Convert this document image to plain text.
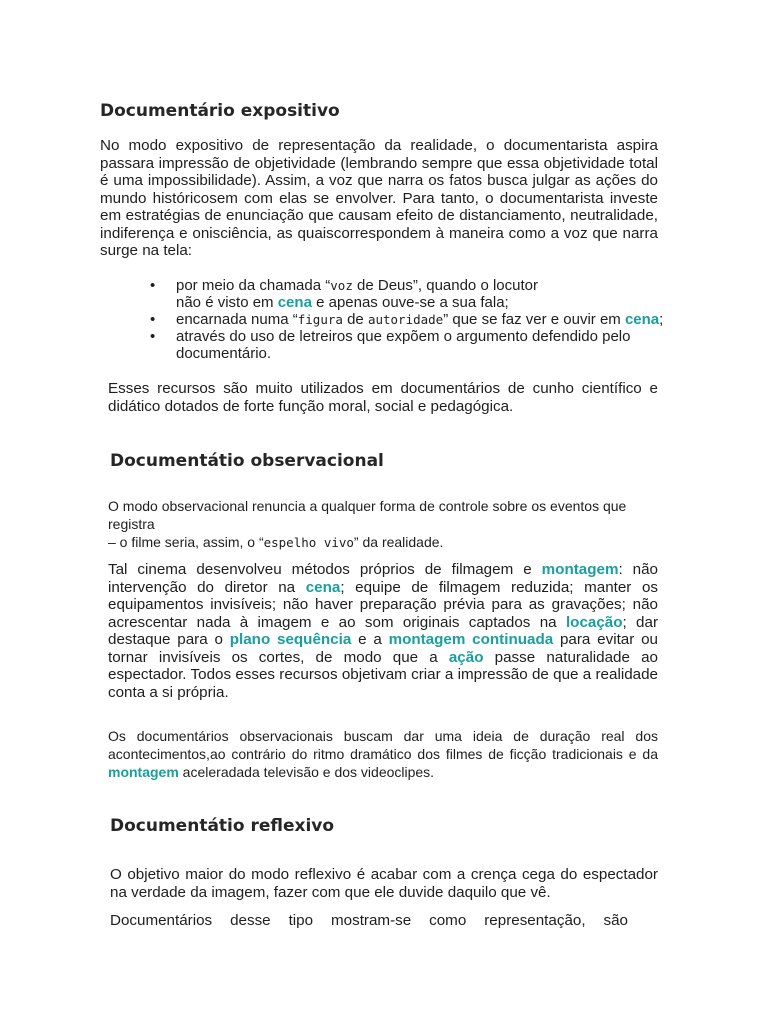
Documentário expositivo

No modo expositivo de representação da realidade, o documentarista aspira passara impressão de objetividade (lembrando sempre que essa objetividade total é uma impossibilidade). Assim, a voz que narra os fatos busca julgar as ações do mundo históricosem com elas se envolver. Para tanto, o documentarista investe em estratégias de enunciação que causam efeito de distanciamento, neutralidade, indiferença e onisciência, as quaiscorrespondem à maneira como a voz que narra surge na tela:

• por meio da chamada “voz de Deus”, quando o locutor
não é visto em cena e apenas ouve-se a sua fala;
• encarnada numa “figura de autoridade” que se faz ver e ouvir em cena;
• através do uso de letreiros que expõem o argumento defendido pelo documentário.

Esses recursos são muito utilizados em documentários de cunho científico e didático dotados de forte função moral, social e pedagógica.

Documentátio observacional

O modo observacional renuncia a qualquer forma de controle sobre os eventos que registra
– o filme seria, assim, o “espelho vivo” da realidade.

Tal cinema desenvolveu métodos próprios de filmagem e montagem: não intervenção do diretor na cena; equipe de filmagem reduzida; manter os equipamentos invisíveis; não haver preparação prévia para as gravações; não acrescentar nada à imagem e ao som originais captados na locação; dar destaque para o plano sequência e a montagem continuada para evitar ou tornar invisíveis os cortes, de modo que a ação passe naturalidade ao espectador. Todos esses recursos objetivam criar a impressão de que a realidade conta a si própria.

Os documentários observacionais buscam dar uma ideia de duração real dos acontecimentos,ao contrário do ritmo dramático dos filmes de ficção tradicionais e da montagem aceleradada televisão e dos videoclipes.

Documentátio reflexivo

O objetivo maior do modo reflexivo é acabar com a crença cega do espectador na verdade da imagem, fazer com que ele duvide daquilo que vê.

Documentários desse tipo mostram-se como representação, são
